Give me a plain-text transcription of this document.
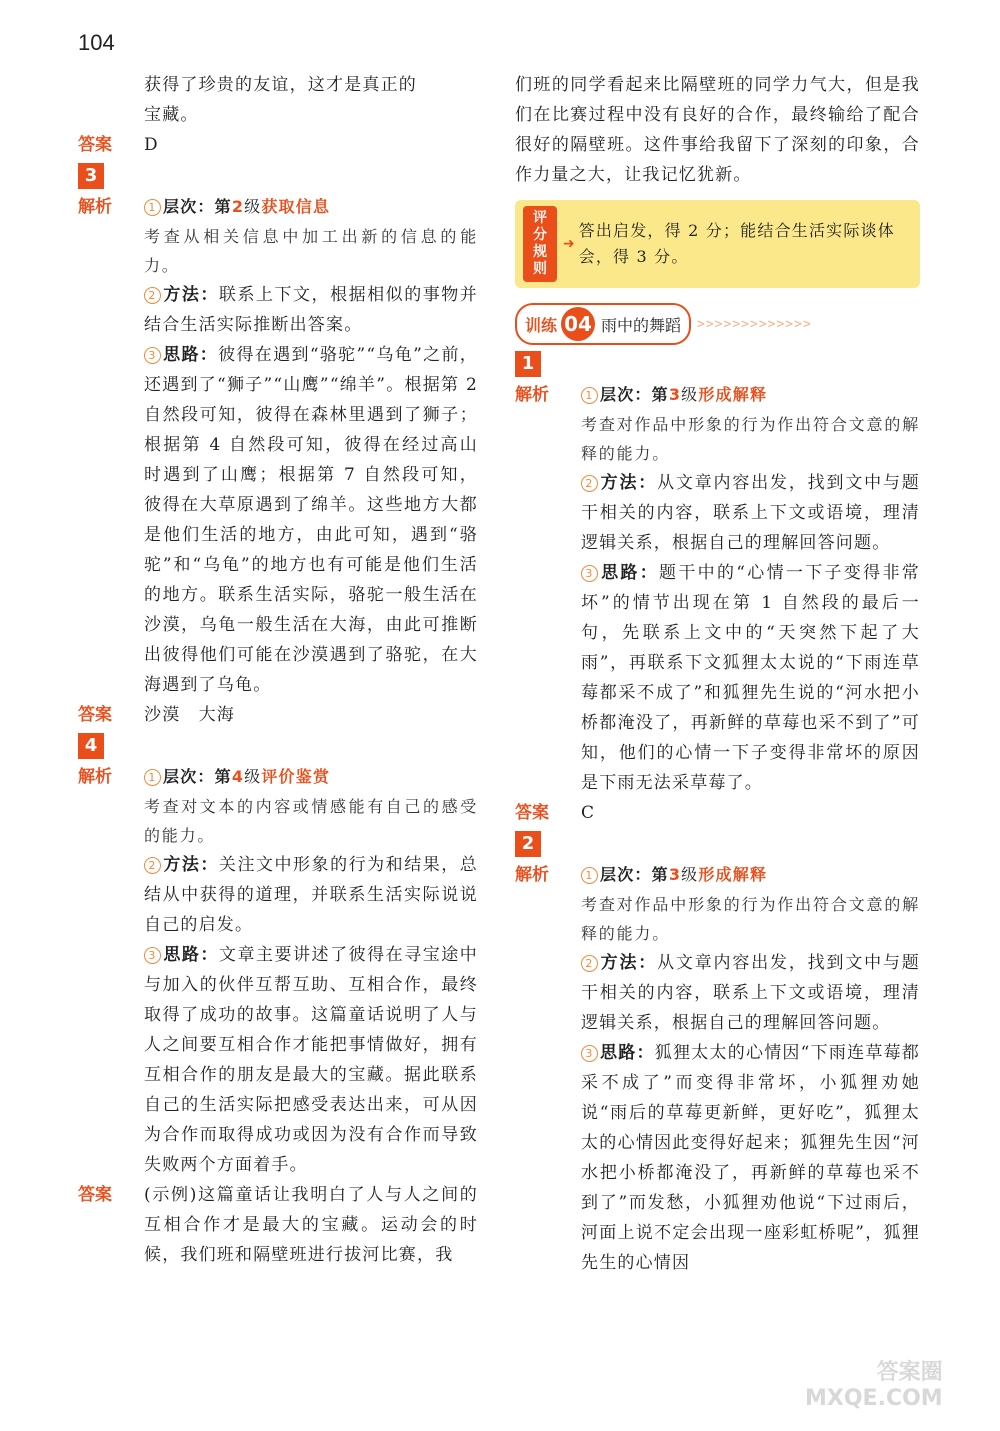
104

获得了珍贵的友谊，这才是真正的

宝藏。

答案	D

3
解析	1 层次：第2级获取信息

考查从相关信息中加工出新的信息的能力。

2 方法：联系上下文，根据相似的事物并结合生活实际推断出答案。

3 思路：彼得在遇到“骆驼”“乌龟”之前，还遇到了“狮子”“山鹰”“绵羊”。根据第 2 自然段可知，彼得在森林里遇到了狮子；根据第 4 自然段可知，彼得在经过高山时遇到了山鹰；根据第 7 自然段可知，彼得在大草原遇到了绵羊。这些地方大都是他们生活的地方，由此可知，遇到“骆驼”和“乌龟”的地方也有可能是他们生活的地方。联系生活实际，骆驼一般生活在沙漠，乌龟一般生活在大海，由此可推断出彼得他们可能在沙漠遇到了骆驼，在大海遇到了乌龟。

答案	沙漠　大海

4
解析	1 层次：第4级评价鉴赏

考查对文本的内容或情感能有自己的感受的能力。

2 方法：关注文中形象的行为和结果，总结从中获得的道理，并联系生活实际说说自己的启发。

3 思路：文章主要讲述了彼得在寻宝途中与加入的伙伴互帮互助、互相合作，最终取得了成功的故事。这篇童话说明了人与人之间要互相合作才能把事情做好，拥有互相合作的朋友是最大的宝藏。据此联系自己的生活实际把感受表达出来，可从因为合作而取得成功或因为没有合作而导致失败两个方面着手。

答案	(示例)这篇童话让我明白了人与人之间的互相合作才是最大的宝藏。运动会的时候，我们班和隔壁班进行拔河比赛，我

们班的同学看起来比隔壁班的同学力气大，但是我们在比赛过程中没有良好的合作，最终输给了配合很好的隔壁班。这件事给我留下了深刻的印象，合作力量之大，让我记忆犹新。

评分
规则
➜
答出启发，得 2 分；能结合生活实际谈体会，得 3 分。
训练 04 雨中的舞蹈 >>>>>>>>>>>>>
1
解析	1 层次：第3级形成解释

考查对作品中形象的行为作出符合文意的解释的能力。

2 方法：从文章内容出发，找到文中与题干相关的内容，联系上下文或语境，理清逻辑关系，根据自己的理解回答问题。

3 思路：题干中的“心情一下子变得非常坏”的情节出现在第 1 自然段的最后一句，先联系上文中的“天突然下起了大雨”，再联系下文狐狸太太说的“下雨连草莓都采不成了”和狐狸先生说的“河水把小桥都淹没了，再新鲜的草莓也采不到了”可知，他们的心情一下子变得非常坏的原因是下雨无法采草莓了。

答案	C

2
解析	1 层次：第3级形成解释

考查对作品中形象的行为作出符合文意的解释的能力。

2 方法：从文章内容出发，找到文中与题干相关的内容，联系上下文或语境，理清逻辑关系，根据自己的理解回答问题。

3 思路：狐狸太太的心情因“下雨连草莓都采不成了”而变得非常坏，小狐狸劝她说“雨后的草莓更新鲜，更好吃”，狐狸太太的心情因此变得好起来；狐狸先生因“河水把小桥都淹没了，再新鲜的草莓也采不到了”而发愁，小狐狸劝他说“下过雨后，河面上说不定会出现一座彩虹桥呢”，狐狸先生的心情因

答案圈
MXQE.COM
